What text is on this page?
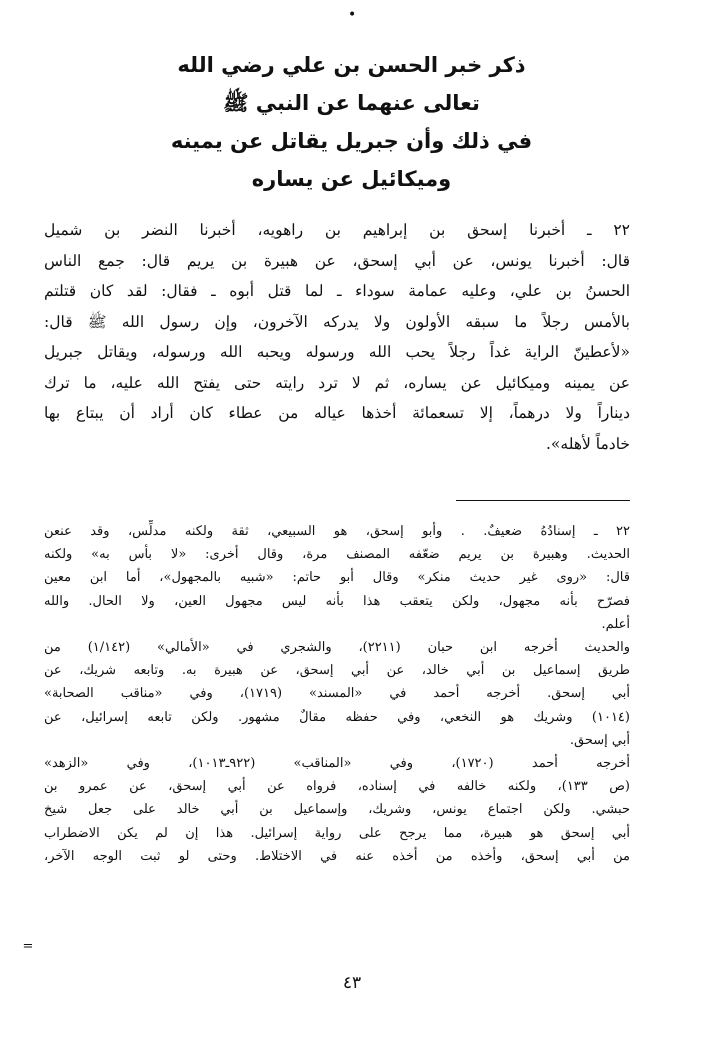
•
ذكر خبر الحسن بن علي رضي الله
تعالى عنهما عن النبي ﷺ
في ذلك وأن جبريل يقاتل عن يمينه
وميكائيل عن يساره
٢٢ ـ أخبرنا إسحق بن إبراهيم بن راهويه، أخبرنا النضر بن شميل
قال: أخبرنا يونس، عن أبي إسحق، عن هبيرة بن يريم قال: جمع الناس
الحسنُ بن علي، وعليه عمامة سوداء ـ لما قتل أبوه ـ فقال: لقد كان قتلتم
بالأمس رجلاً ما سبقه الأولون ولا يدركه الآخرون، وإن رسول الله ﷺ قال:
«لأعطينّ الراية غداً رجلاً يحب الله ورسوله ويحبه الله ورسوله، ويقاتل جبريل
عن يمينه وميكائيل عن يساره، ثم لا ترد رايته حتى يفتح الله عليه، ما ترك
ديناراً ولا درهماً، إلا تسعمائة أخذها عياله من عطاء كان أراد أن يبتاع بها
خادماً لأهله».
٢٢ ـ إسنادُهُ ضعيفٌ. . وأبو إسحق، هو السبيعي، ثقة ولكنه مدلِّس، وقد عنعن
الحديث. وهبيرة بن يريم ضعّفه المصنف مرة، وقال أخرى: «لا بأس به» ولكنه
قال: «روى غير حديث منكر» وقال أبو حاتم: «شبيه بالمجهول»، أما ابن معين
فصرّح بأنه مجهول، ولكن يتعقب هذا بأنه ليس مجهول العين، ولا الحال. والله
أعلم.
والحديث أخرجه ابن حبان (٢٢١١)، والشجري في «الأمالي» (١/١٤٢) من
طريق إسماعيل بن أبي خالد، عن أبي إسحق، عن هبيرة به. وتابعه شريك، عن
أبي إسحق. أخرجه أحمد في «المسند» (١٧١٩)، وفي «مناقب الصحابة»
(١٠١٤) وشريك هو النخعي، وفي حفظه مقالٌ مشهور. ولكن تابعه إسرائيل، عن
أبي إسحق.
أخرجه أحمد (١٧٢٠)، وفي «المناقب» (٩٢٢ـ١٠١٣)، وفي «الزهد»
(ص ١٣٣)، ولكنه خالفه في إسناده، فرواه عن أبي إسحق، عن عمرو بن
حبشي. ولكن اجتماع يونس، وشريك، وإسماعيل بن أبي خالد على جعل شيخ
أبي إسحق هو هبيرة، مما يرجح على رواية إسرائيل. هذا إن لم يكن الاضطراب
من أبي إسحق، وأخذه من أخذه عنه في الاختلاط. وحتى لو ثبت الوجه الآخر،
=
٤٣
